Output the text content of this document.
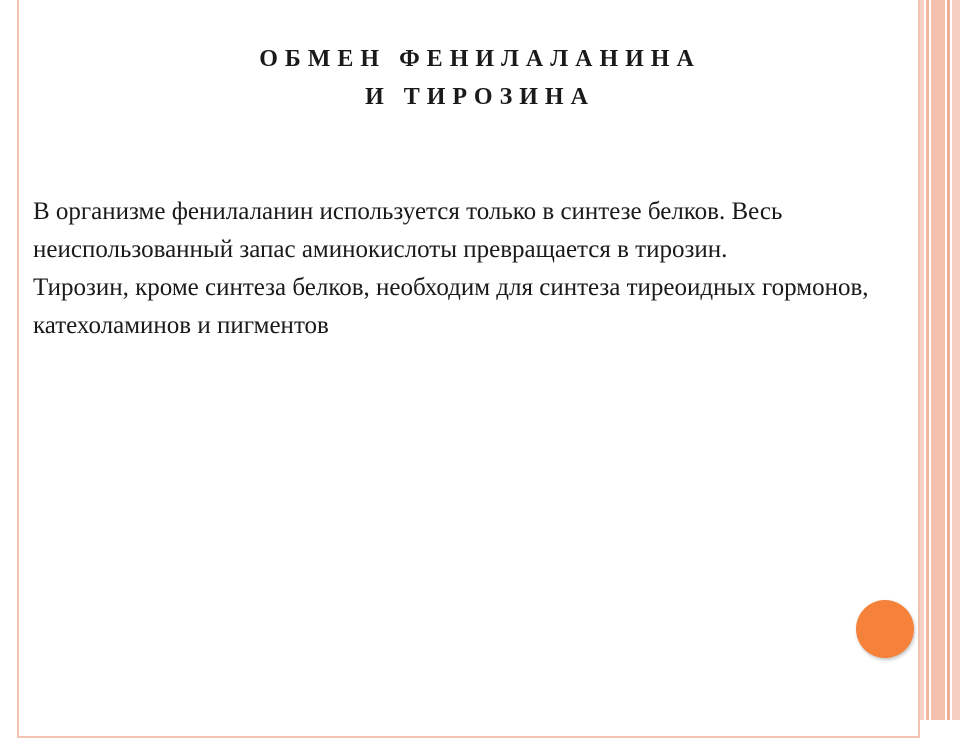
ОБМЕН ФЕНИЛАЛАНИНА
И ТИРОЗИНА

В организме фенилаланин используется только в синтезе белков. Весь неиспользованный запас аминокислоты превращается в тирозин.

Тирозин, кроме синтеза белков, необходим для синтеза тиреоидных гормонов, катехоламинов и пигментов
